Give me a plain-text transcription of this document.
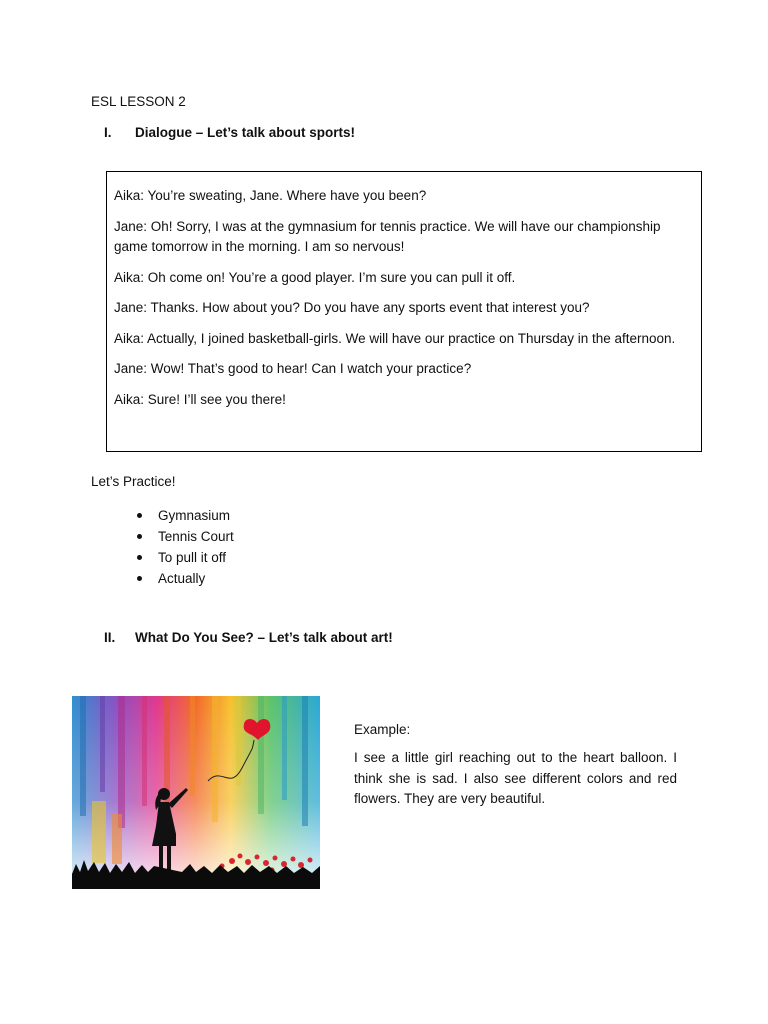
ESL LESSON 2
I. Dialogue – Let’s talk about sports!

Aika: You’re sweating, Jane. Where have you been?

Jane: Oh! Sorry, I was at the gymnasium for tennis practice. We will have our championship game tomorrow in the morning. I am so nervous!

Aika: Oh come on! You’re a good player. I’m sure you can pull it off.

Jane: Thanks. How about you? Do you have any sports event that interest you?

Aika: Actually, I joined basketball-girls. We will have our practice on Thursday in the afternoon.

Jane: Wow! That’s good to hear! Can I watch your practice?

Aika: Sure! I’ll see you there!

Let’s Practice!
Gymnasium
Tennis Court
To pull it off
Actually
II. What Do You See? – Let’s talk about art!

Example:

I see a little girl reaching out to the heart balloon. I think she is sad. I also see different colors and red flowers. They are very beautiful.
